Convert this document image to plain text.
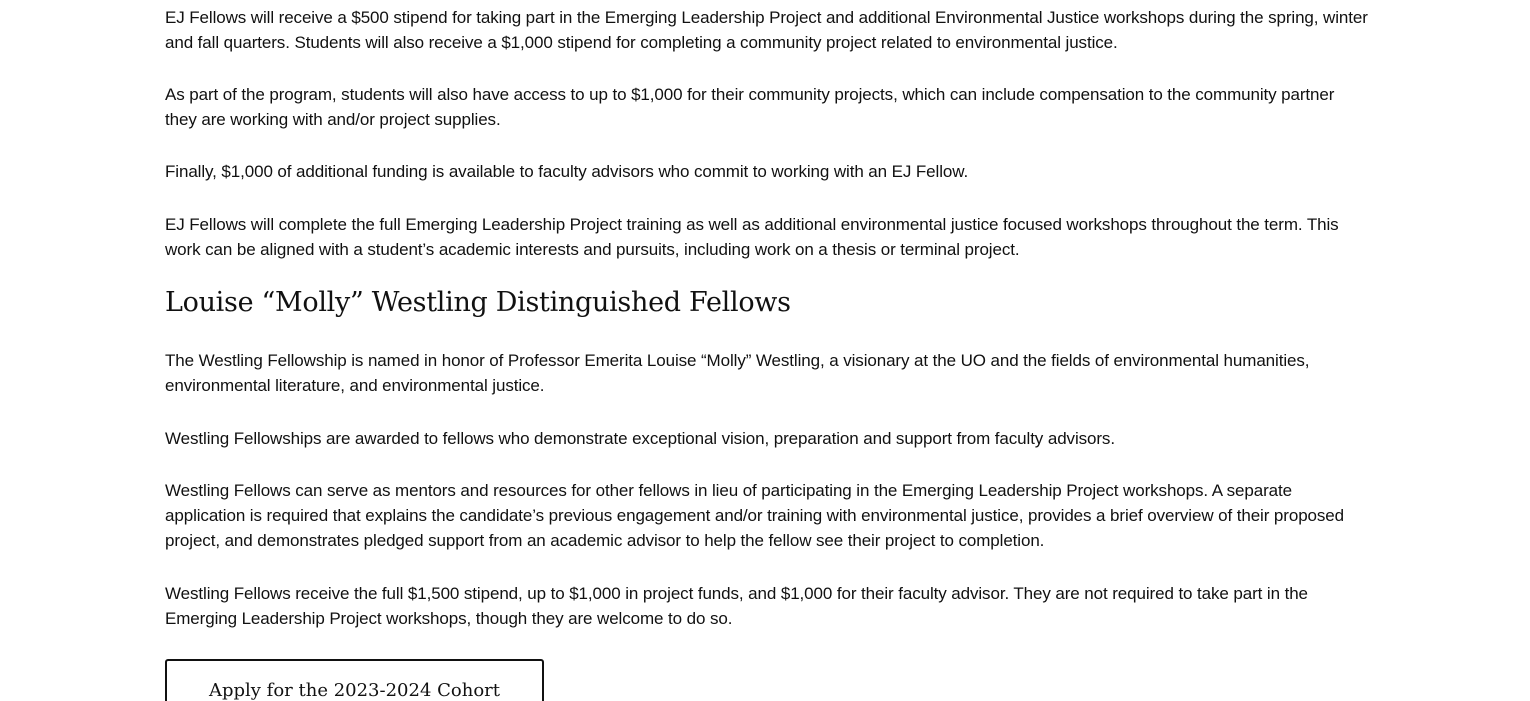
EJ Fellows will receive a $500 stipend for taking part in the Emerging Leadership Project and additional Environmental Justice workshops during the spring, winter and fall quarters. Students will also receive a $1,000 stipend for completing a community project related to environmental justice.

As part of the program, students will also have access to up to $1,000 for their community projects, which can include compensation to the community partner they are working with and/or project supplies.

Finally, $1,000 of additional funding is available to faculty advisors who commit to working with an EJ Fellow.

EJ Fellows will complete the full Emerging Leadership Project training as well as additional environmental justice focused workshops throughout the term. This work can be aligned with a student’s academic interests and pursuits, including work on a thesis or terminal project.

Louise “Molly” Westling Distinguished Fellows

The Westling Fellowship is named in honor of Professor Emerita Louise “Molly” Westling, a visionary at the UO and the fields of environmental humanities, environmental literature, and environmental justice.

Westling Fellowships are awarded to fellows who demonstrate exceptional vision, preparation and support from faculty advisors.

Westling Fellows can serve as mentors and resources for other fellows in lieu of participating in the Emerging Leadership Project workshops. A separate application is required that explains the candidate’s previous engagement and/or training with environmental justice, provides a brief overview of their proposed project, and demonstrates pledged support from an academic advisor to help the fellow see their project to completion.

Westling Fellows receive the full $1,500 stipend, up to $1,000 in project funds, and $1,000 for their faculty advisor. They are not required to take part in the Emerging Leadership Project workshops, though they are welcome to do so.

Apply for the 2023-2024 Cohort
